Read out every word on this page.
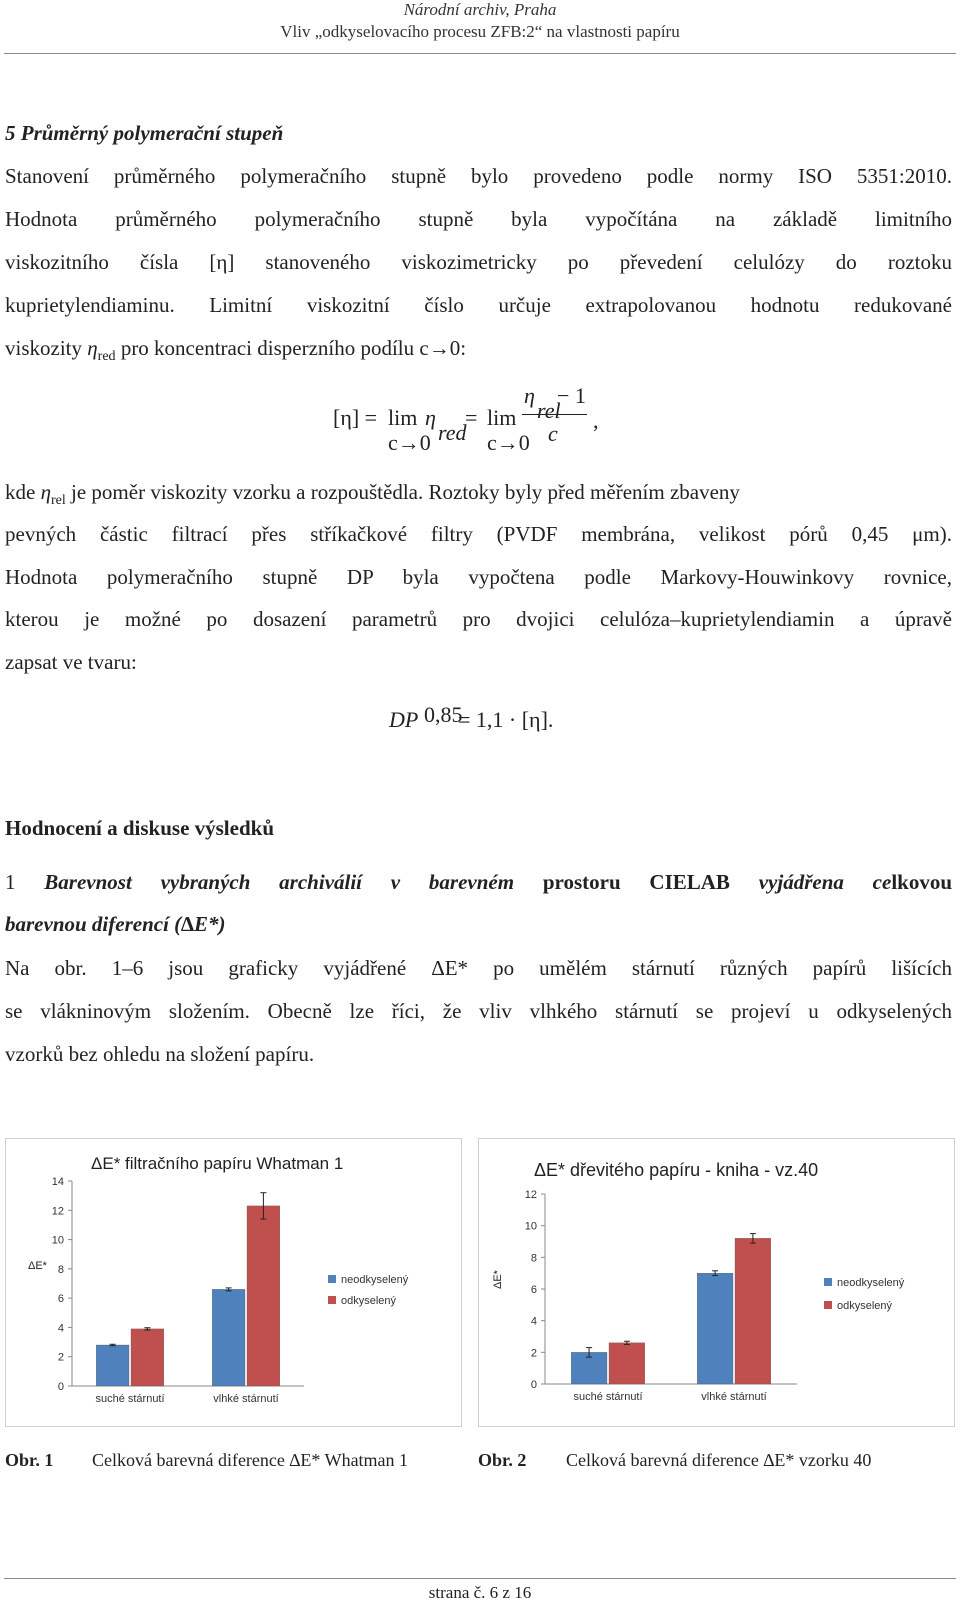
Národní archiv, Praha
Vliv „odkyselovacího procesu ZFB:2“ na vlastnosti papíru
5 Průměrný polymerační stupeň
Stanovení průměrného polymeračního stupně bylo provedeno podle normy ISO 5351:2010.
Hodnota průměrného polymeračního stupně byla vypočítána na základě limitního
viskozitního čísla [η] stanoveného viskozimetricky po převedení celulózy do roztoku
kuprietylendiaminu. Limitní viskozitní číslo určuje extrapolovanou hodnotu redukované
viskozity $\eta_{red}$ pro koncentraci disperzního podílu c→0:
[η] = lim
c→0
η
red
= lim
c→0
η
rel
− 1
c
,
kde $\eta_{rel}$ je poměr viskozity vzorku a rozpouštědla. Roztoky byly před měřením zbaveny
pevných částic filtrací přes stříkačkové filtry (PVDF membrána, velikost pórů 0,45 μm).
Hodnota polymeračního stupně DP byla vypočtena podle Markovy-Houwinkovy rovnice,
kterou je možné po dosazení parametrů pro dvojici celulóza–kuprietylendiamin a úpravě
zapsat ve tvaru:
DP 0,85
= 1,1 · [η].
Hodnocení a diskuse výsledků
1 Barevnost vybraných archiválií v barevném prostoru CIELAB vyjádřena celkovou
barevnou diferencí (∆E*)
Na obr. 1–6 jsou graficky vyjádřené ΔE* po umělém stárnutí různých papírů lišících
se vlákninovým složením. Obecně lze říci, že vliv vlhkého stárnutí se projeví u odkyselených
vzorků bez ohledu na složení papíru.
ΔE* filtračního papíru Whatman 1
ΔE*
0
2
4
6
8
10
12
14
suché stárnutí	vlhké stárnutí
neodkyselený
odkyselený
ΔE* dřevitého papíru - kniha - vz.40
ΔE*
0
2
4
6
8
10
12
suché stárnutí	vlhké stárnutí
neodkyselený
odkyselený
Obr. 1 Celková barevná diference ∆E* Whatman 1	Obr. 2 Celková barevná diference ∆E* vzorku 40
strana č. 6 z 16
